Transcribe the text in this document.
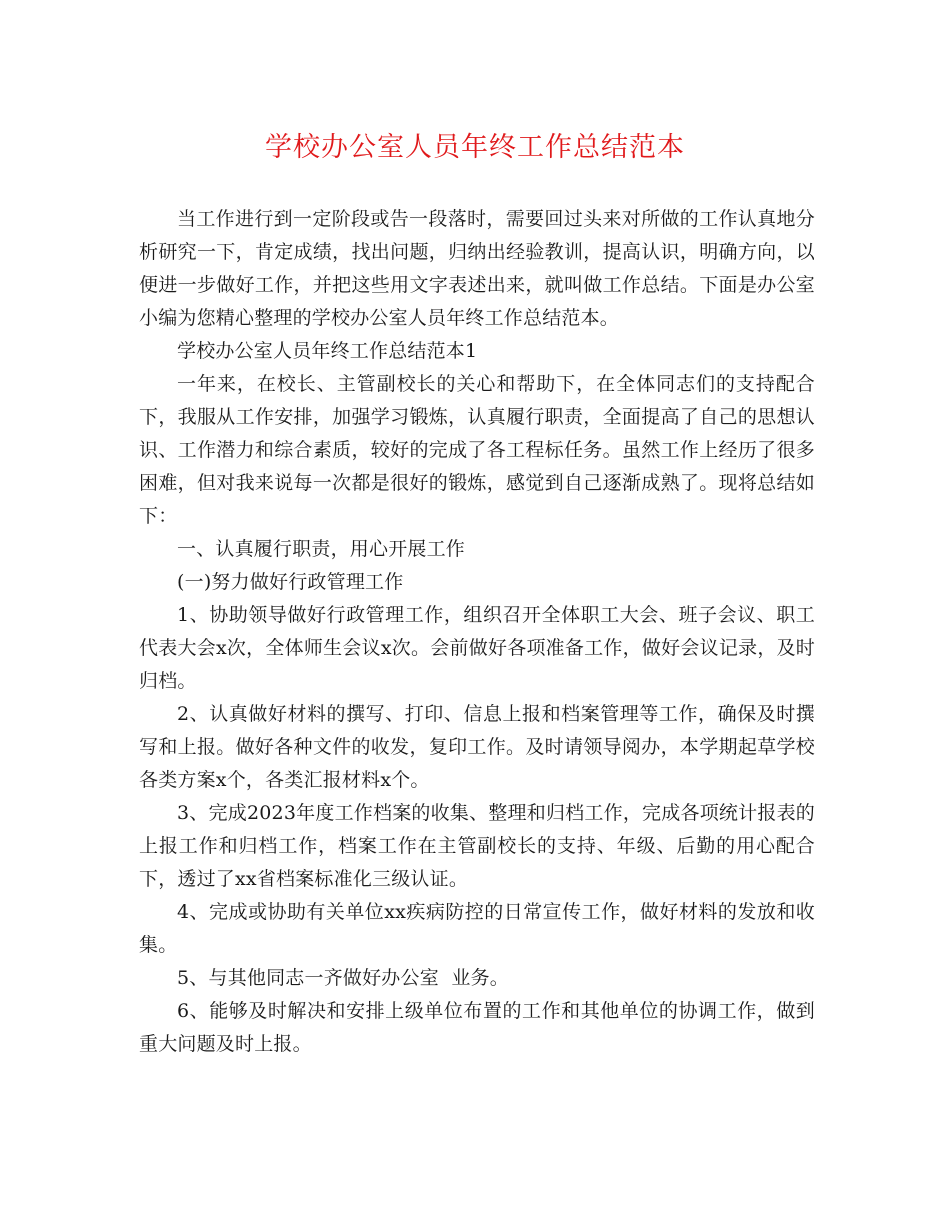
学校办公室人员年终工作总结范本

当工作进行到一定阶段或告一段落时，需要回过头来对所做的工作认真地分析研究一下，肯定成绩，找出问题，归纳出经验教训，提高认识，明确方向，以便进一步做好工作，并把这些用文字表述出来，就叫做工作总结。下面是办公室小编为您精心整理的学校办公室人员年终工作总结范本。

学校办公室人员年终工作总结范本1

一年来，在校长、主管副校长的关心和帮助下，在全体同志们的支持配合下，我服从工作安排，加强学习锻炼，认真履行职责，全面提高了自己的思想认识、工作潜力和综合素质，较好的完成了各工程标任务。虽然工作上经历了很多困难，但对我来说每一次都是很好的锻炼，感觉到自己逐渐成熟了。现将总结如下：

一、认真履行职责，用心开展工作

(一)努力做好行政管理工作

1、协助领导做好行政管理工作，组织召开全体职工大会、班子会议、职工代表大会x次，全体师生会议x次。会前做好各项准备工作，做好会议记录，及时归档。

2、认真做好材料的撰写、打印、信息上报和档案管理等工作，确保及时撰写和上报。做好各种文件的收发，复印工作。及时请领导阅办，本学期起草学校各类方案x个，各类汇报材料x个。

3、完成2023年度工作档案的收集、整理和归档工作，完成各项统计报表的上报工作和归档工作，档案工作在主管副校长的支持、年级、后勤的用心配合下，透过了xx省档案标准化三级认证。

4、完成或协助有关单位xx疾病防控的日常宣传工作，做好材料的发放和收集。

5、与其他同志一齐做好办公室  业务。

6、能够及时解决和安排上级单位布置的工作和其他单位的协调工作，做到重大问题及时上报。
